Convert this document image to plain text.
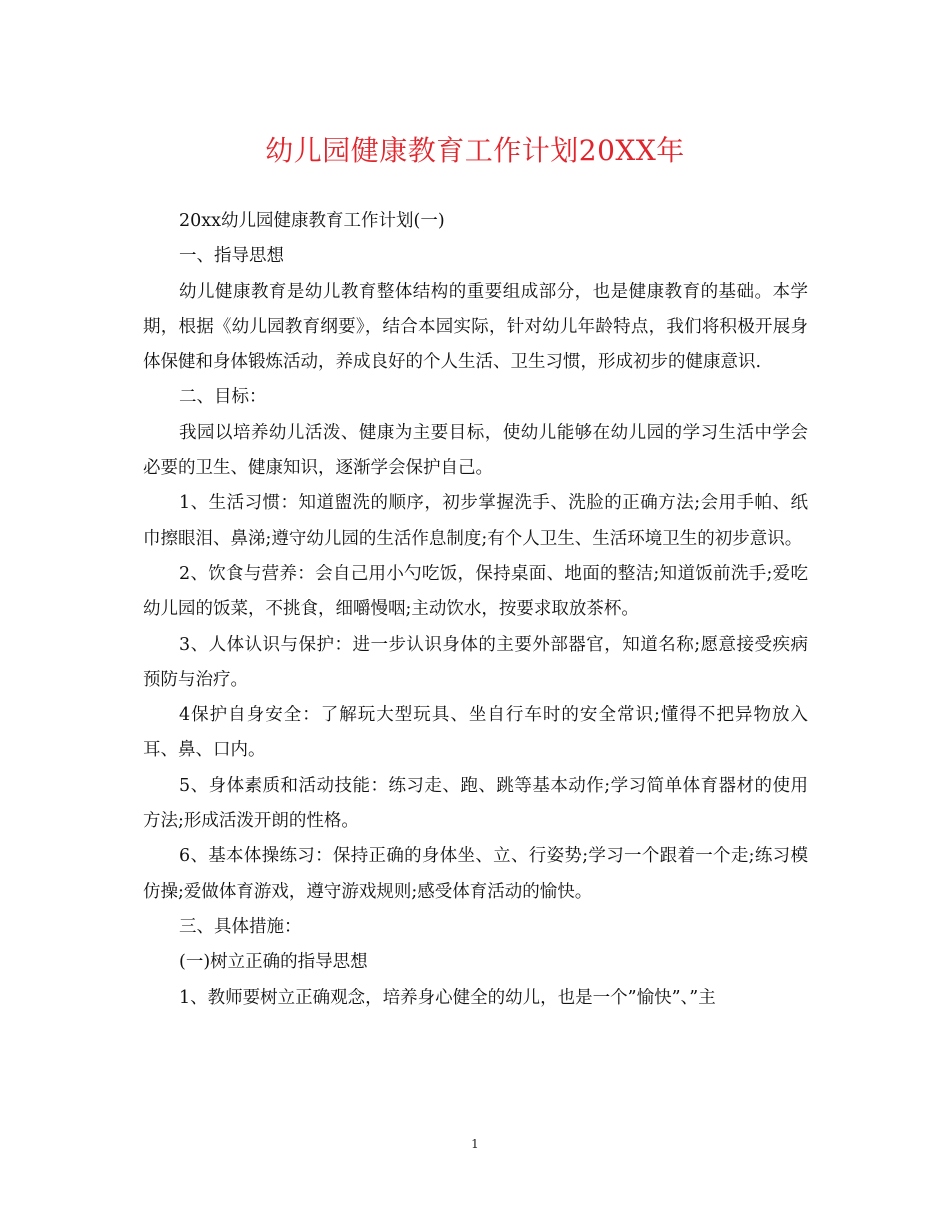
幼儿园健康教育工作计划20XX年

20xx幼儿园健康教育工作计划(一)

一、指导思想

幼儿健康教育是幼儿教育整体结构的重要组成部分，也是健康教育的基础。本学期，根据《幼儿园教育纲要》，结合本园实际，针对幼儿年龄特点，我们将积极开展身体保健和身体锻炼活动，养成良好的个人生活、卫生习惯，形成初步的健康意识.

二、目标：

我园以培养幼儿活泼、健康为主要目标，使幼儿能够在幼儿园的学习生活中学会必要的卫生、健康知识，逐渐学会保护自己。

1、生活习惯：知道盥洗的顺序，初步掌握洗手、洗脸的正确方法;会用手帕、纸巾擦眼泪、鼻涕;遵守幼儿园的生活作息制度;有个人卫生、生活环境卫生的初步意识。

2、饮食与营养：会自己用小勺吃饭，保持桌面、地面的整洁;知道饭前洗手;爱吃幼儿园的饭菜，不挑食，细嚼慢咽;主动饮水，按要求取放茶杯。

3、人体认识与保护：进一步认识身体的主要外部器官，知道名称;愿意接受疾病预防与治疗。

4保护自身安全：了解玩大型玩具、坐自行车时的安全常识;懂得不把异物放入耳、鼻、口内。

5、身体素质和活动技能：练习走、跑、跳等基本动作;学习简单体育器材的使用方法;形成活泼开朗的性格。

6、基本体操练习：保持正确的身体坐、立、行姿势;学习一个跟着一个走;练习模仿操;爱做体育游戏，遵守游戏规则;感受体育活动的愉快。

三、具体措施：

(一)树立正确的指导思想

1、教师要树立正确观念，培养身心健全的幼儿，也是一个”愉快”、”主

1
